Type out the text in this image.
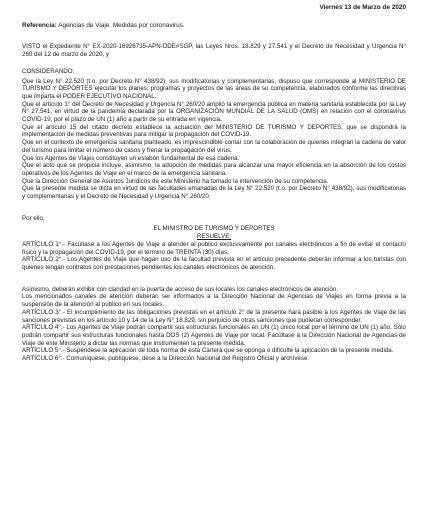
Viernes 13 de Marzo de 2020
Referencia: Agencias de Viaje. Medidas por coronavirus.

VISTO el Expediente N° EX-2020-16926735-APN-DDE#SGP, las Leyes Nros. 18.829 y 27.541 y el Decreto de Necesidad y Urgencia N° 260 del 12 de marzo de 2020, y

CONSIDERANDO:

Que la Ley N° 22.520 (t.o. por Decreto N° 438/92), sus modificatorias y complementarias, dispuso que corresponde al MINISTERIO DE TURISMO Y DEPORTES ejecutar los planes, programas y proyectos de las áreas de su competencia, elaborados conforme las directivas que imparta el PODER EJECUTIVO NACIONAL.

Que el artículo 1° del Decreto de Necesidad y Urgencia N° 260/20 amplió la emergencia pública en materia sanitaria establecida por la Ley N° 27.541, en virtud de la pandemia declarada por la ORGANIZACIÓN MUNDIAL DE LA SALUD (OMS) en relación con el coronavirus COVID-19, por el plazo de UN (1) año a partir de su entrada en vigencia.

Que el artículo 15 del citado decreto establece la actuación del MINISTERIO DE TURISMO Y DEPORTES, que se dispondrá la implementación de medidas preventivas para mitigar la propagación del COVID-19.

Que en el contexto de emergencia sanitaria planteado, es imprescindible contar con la colaboración de quienes integran la cadena de valor del turismo para limitar el número de casos y frenar la propagación del virus.

Que los Agentes de Viajes constituyen un eslabón fundamental de esa cadena.

Que el acto que se propicia incluye, asimismo, la adopción de medidas para alcanzar una mayor eficiencia en la absorción de los costos operativos de los Agentes de Viaje en el marco de la emergencia sanitaria.

Que la Dirección General de Asuntos Jurídicos de este Ministerio ha tomado la intervención de su competencia.

Que la presente medida se dicta en virtud de las facultades emanadas de la Ley N° 22.520 (t.o. por Decreto N° 438/92), sus modificatorias y complementarias y el Decreto de Necesidad y Urgencia N° 260/20.

Por ello,

EL MINISTRO DE TURISMO Y DEPORTES

RESUELVE:

ARTÍCULO 1°.- Facúltase a los Agentes de Viaje a atender al público exclusivamente por canales electrónicos a fin de evitar el contacto físico y la propagación del COVID-19, por el término de TREINTA (30) días.

ARTÍCULO 2°.- Los Agentes de Viaje que hagan uso de la facultad prevista en el artículo precedente deberán informar a los turistas con quienes tengan contratos con prestaciones pendientes los canales electrónicos de atención.

Asimismo, deberán exhibir con claridad en la puerta de acceso de sus locales los canales electrónicos de atención.

Los mencionados canales de atención deberán ser informados a la Dirección Nacional de Agencias de Viajes en forma previa a la suspensión de la atención al público en sus locales.

ARTÍCULO 3°.- El incumplimiento de las obligaciones previstas en el artículo 2° de la presente hará pasible a los Agentes de Viaje de las sanciones previstas en los artículo 10 y 14 de la Ley N° 18.829, sin perjuicio de otras sanciones que pudieran corresponder.

ARTÍCULO 4°.- Los Agentes de Viaje podrán compartir sus estructuras funcionales en UN (1) único local por el término de UN (1) año. Sólo podrán compartir sus estructuras funcionales hasta DOS (2) Agentes de Viaje por local. Facúltase a la Dirección Nacional de Agencias de Viaje de este Ministerio a dictar las normas que instrumenten la presente medida.

ARTÍCULO 5°.- Suspéndese la aplicación de toda norma de esta Cartera que se oponga o dificulte la aplicación de la presente medida.

ARTÍCULO 6°.- Comuníquese, publíquese, dese a la Dirección Nacional del Registro Oficial y archívese.
